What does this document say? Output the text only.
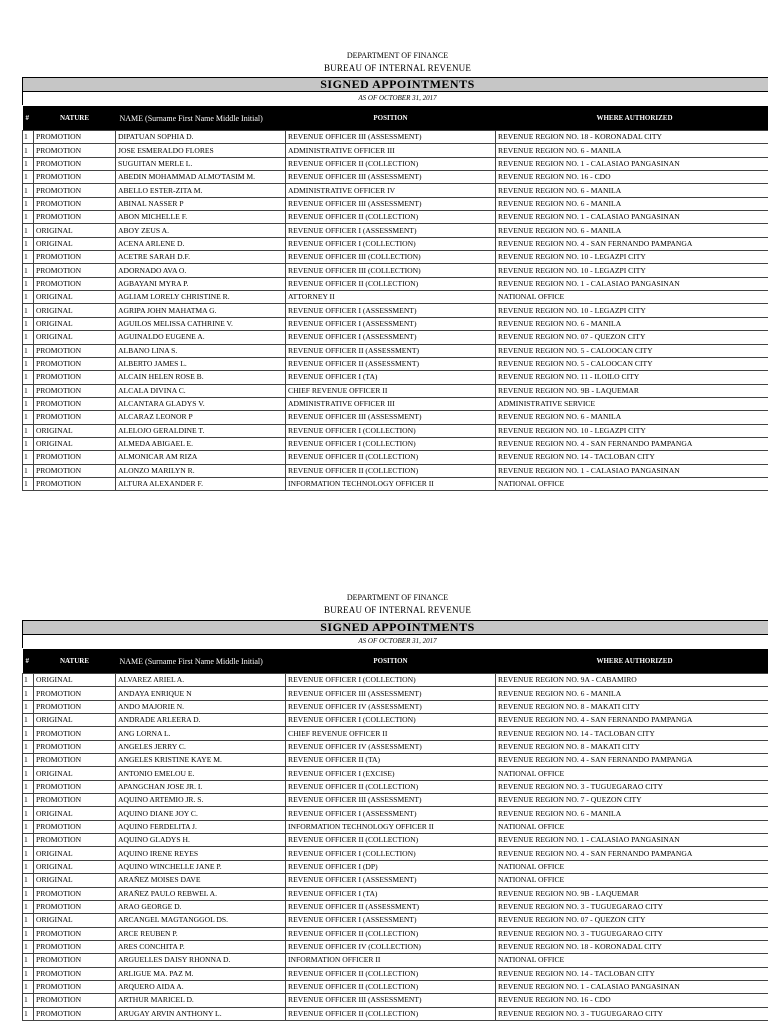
DEPARTMENT OF FINANCE
BUREAU OF INTERNAL REVENUE
SIGNED APPOINTMENTS
AS OF OCTOBER 31, 2017
#	NATURE	NAME (Surname First Name Middle Initial)	POSITION	WHERE AUTHORIZED
1	PROMOTION	DIPATUAN SOPHIA D.	REVENUE OFFICER III (ASSESSMENT)	REVENUE REGION NO. 18 - KORONADAL CITY
1	PROMOTION	JOSE ESMERALDO FLORES	ADMINISTRATIVE OFFICER III	REVENUE REGION NO. 6 - MANILA
1	PROMOTION	SUGUITAN MERLE L.	REVENUE OFFICER II (COLLECTION)	REVENUE REGION NO. 1 - CALASIAO PANGASINAN
1	PROMOTION	ABEDIN MOHAMMAD ALMO'TASIM M.	REVENUE OFFICER III (ASSESSMENT)	REVENUE REGION NO. 16 - CDO
1	PROMOTION	ABELLO ESTER-ZITA M.	ADMINISTRATIVE OFFICER IV	REVENUE REGION NO. 6 - MANILA
1	PROMOTION	ABINAL NASSER P	REVENUE OFFICER III (ASSESSMENT)	REVENUE REGION NO. 6 - MANILA
1	PROMOTION	ABON MICHELLE F.	REVENUE OFFICER II (COLLECTION)	REVENUE REGION NO. 1 - CALASIAO PANGASINAN
1	ORIGINAL	ABOY ZEUS A.	REVENUE OFFICER I (ASSESSMENT)	REVENUE REGION NO. 6 - MANILA
1	ORIGINAL	ACENA ARLENE D.	REVENUE OFFICER I (COLLECTION)	REVENUE REGION NO. 4 - SAN FERNANDO PAMPANGA
1	PROMOTION	ACETRE SARAH D.F.	REVENUE OFFICER III (COLLECTION)	REVENUE REGION NO. 10 - LEGAZPI CITY
1	PROMOTION	ADORNADO AVA O.	REVENUE OFFICER III (COLLECTION)	REVENUE REGION NO. 10 - LEGAZPI CITY
1	PROMOTION	AGBAYANI MYRA P.	REVENUE OFFICER II (COLLECTION)	REVENUE REGION NO. 1 - CALASIAO PANGASINAN
1	ORIGINAL	AGLIAM LORELY CHRISTINE R.	ATTORNEY II	NATIONAL OFFICE
1	ORIGINAL	AGRIPA JOHN MAHATMA G.	REVENUE OFFICER I (ASSESSMENT)	REVENUE REGION NO. 10 - LEGAZPI CITY
1	ORIGINAL	AGUILOS MELISSA CATHRINE V.	REVENUE OFFICER I (ASSESSMENT)	REVENUE REGION NO. 6 - MANILA
1	ORIGINAL	AGUINALDO EUGENE A.	REVENUE OFFICER I (ASSESSMENT)	REVENUE REGION NO. 07 - QUEZON CITY
1	PROMOTION	ALBANO LINA S.	REVENUE OFFICER II (ASSESSMENT)	REVENUE REGION NO. 5 - CALOOCAN CITY
1	PROMOTION	ALBERTO JAMES L.	REVENUE OFFICER II (ASSESSMENT)	REVENUE REGION NO. 5 - CALOOCAN CITY
1	PROMOTION	ALCAIN HELEN ROSE B.	REVENUE OFFICER I (TA)	REVENUE REGION NO. 11 - ILOILO CITY
1	PROMOTION	ALCALA DIVINA C.	CHIEF REVENUE OFFICER II	REVENUE REGION NO. 9B - LAQUEMAR
1	PROMOTION	ALCANTARA GLADYS V.	ADMINISTRATIVE OFFICER III	ADMINISTRATIVE SERVICE
1	PROMOTION	ALCARAZ LEONOR P	REVENUE OFFICER III (ASSESSMENT)	REVENUE REGION NO. 6 - MANILA
1	ORIGINAL	ALELOJO GERALDINE T.	REVENUE OFFICER I (COLLECTION)	REVENUE REGION NO. 10 - LEGAZPI CITY
1	ORIGINAL	ALMEDA ABIGAEL E.	REVENUE OFFICER I (COLLECTION)	REVENUE REGION NO. 4 - SAN FERNANDO PAMPANGA
1	PROMOTION	ALMONICAR AM RIZA	REVENUE OFFICER II (COLLECTION)	REVENUE REGION NO. 14 - TACLOBAN CITY
1	PROMOTION	ALONZO MARILYN R.	REVENUE OFFICER II (COLLECTION)	REVENUE REGION NO. 1 - CALASIAO PANGASINAN
1	PROMOTION	ALTURA ALEXANDER F.	INFORMATION TECHNOLOGY OFFICER II	NATIONAL OFFICE
DEPARTMENT OF FINANCE
BUREAU OF INTERNAL REVENUE
SIGNED APPOINTMENTS
AS OF OCTOBER 31, 2017
#	NATURE	NAME (Surname First Name Middle Initial)	POSITION	WHERE AUTHORIZED
1	ORIGINAL	ALVAREZ ARIEL A.	REVENUE OFFICER I (COLLECTION)	REVENUE REGION NO. 9A - CABAMIRO
1	PROMOTION	ANDAYA ENRIQUE N	REVENUE OFFICER III (ASSESSMENT)	REVENUE REGION NO. 6 - MANILA
1	PROMOTION	ANDO MAJORIE N.	REVENUE OFFICER IV (ASSESSMENT)	REVENUE REGION NO. 8 - MAKATI CITY
1	ORIGINAL	ANDRADE ARLEERA D.	REVENUE OFFICER I (COLLECTION)	REVENUE REGION NO. 4 - SAN FERNANDO PAMPANGA
1	PROMOTION	ANG LORNA L.	CHIEF REVENUE OFFICER II	REVENUE REGION NO. 14 - TACLOBAN CITY
1	PROMOTION	ANGELES JERRY C.	REVENUE OFFICER IV (ASSESSMENT)	REVENUE REGION NO. 8 - MAKATI CITY
1	PROMOTION	ANGELES KRISTINE KAYE M.	REVENUE OFFICER II (TA)	REVENUE REGION NO. 4 - SAN FERNANDO PAMPANGA
1	ORIGINAL	ANTONIO EMELOU E.	REVENUE OFFICER I (EXCISE)	NATIONAL OFFICE
1	PROMOTION	APANGCHAN JOSE JR. I.	REVENUE OFFICER II (COLLECTION)	REVENUE REGION NO. 3 - TUGUEGARAO CITY
1	PROMOTION	AQUINO ARTEMIO JR. S.	REVENUE OFFICER III (ASSESSMENT)	REVENUE REGION NO. 7 - QUEZON CITY
1	ORIGINAL	AQUINO DIANE JOY C.	REVENUE OFFICER I (ASSESSMENT)	REVENUE REGION NO. 6 - MANILA
1	PROMOTION	AQUINO FERDELITA J.	INFORMATION TECHNOLOGY OFFICER II	NATIONAL OFFICE
1	PROMOTION	AQUINO GLADYS H.	REVENUE OFFICER II (COLLECTION)	REVENUE REGION NO. 1 - CALASIAO PANGASINAN
1	ORIGINAL	AQUINO IRENE REYES	REVENUE OFFICER I (COLLECTION)	REVENUE REGION NO. 4 - SAN FERNANDO PAMPANGA
1	ORIGINAL	AQUINO WINCHELLE JANE P.	REVENUE OFFICER I (DP)	NATIONAL OFFICE
1	ORIGINAL	ARAÑEZ MOISES DAVE	REVENUE OFFICER I (ASSESSMENT)	NATIONAL OFFICE
1	PROMOTION	ARAÑEZ PAULO REBWEL A.	REVENUE OFFICER I (TA)	REVENUE REGION NO. 9B - LAQUEMAR
1	PROMOTION	ARAO GEORGE D.	REVENUE OFFICER II (ASSESSMENT)	REVENUE REGION NO. 3 - TUGUEGARAO CITY
1	ORIGINAL	ARCANGEL MAGTANGGOL DS.	REVENUE OFFICER I (ASSESSMENT)	REVENUE REGION NO. 07 - QUEZON CITY
1	PROMOTION	ARCE REUBEN P.	REVENUE OFFICER II (COLLECTION)	REVENUE REGION NO. 3 - TUGUEGARAO CITY
1	PROMOTION	ARES CONCHITA P.	REVENUE OFFICER IV (COLLECTION)	REVENUE REGION NO. 18 - KORONADAL CITY
1	PROMOTION	ARGUELLES DAISY RHONNA D.	INFORMATION OFFICER II	NATIONAL OFFICE
1	PROMOTION	ARLIGUE MA. PAZ M.	REVENUE OFFICER II (COLLECTION)	REVENUE REGION NO. 14 - TACLOBAN CITY
1	PROMOTION	ARQUERO AIDA A.	REVENUE OFFICER II (COLLECTION)	REVENUE REGION NO. 1 - CALASIAO PANGASINAN
1	PROMOTION	ARTHUR MARICEL D.	REVENUE OFFICER III (ASSESSMENT)	REVENUE REGION NO. 16 - CDO
1	PROMOTION	ARUGAY ARVIN ANTHONY L.	REVENUE OFFICER II (COLLECTION)	REVENUE REGION NO. 3 - TUGUEGARAO CITY
